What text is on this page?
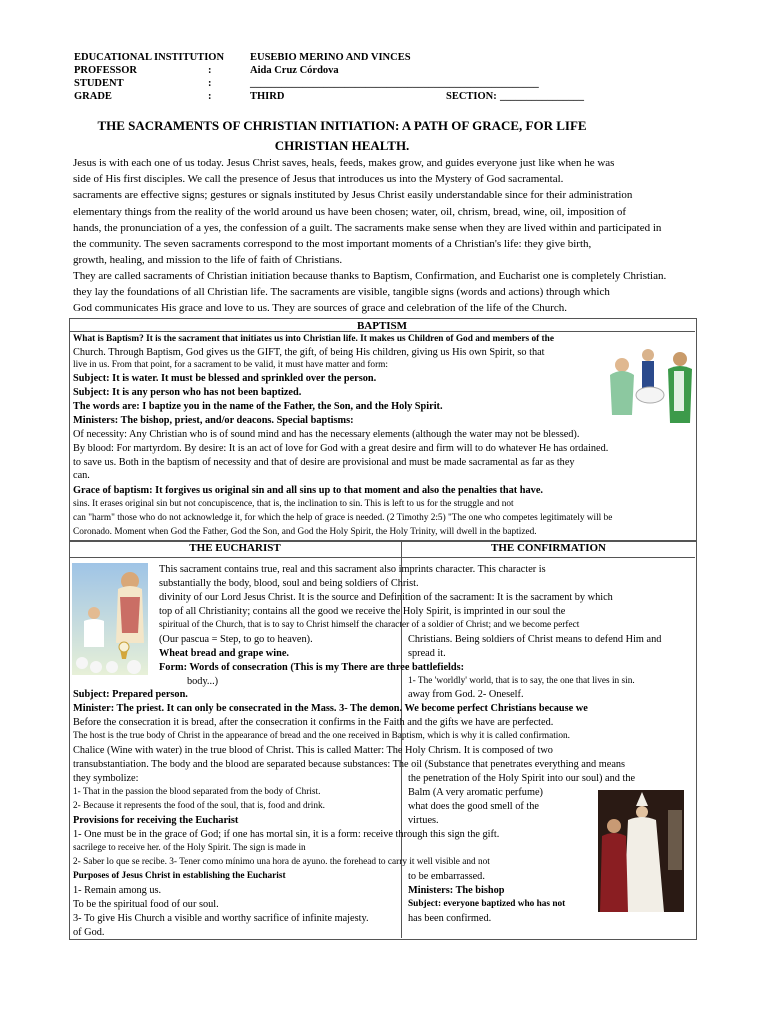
EDUCATIONAL INSTITUTION EUSEBIO MERINO AND VINCES
PROFESSOR	:	Aida Cruz Córdova
STUDENT	:	_______________________________________________________
GRADE	:	THIRD	SECTION: ________________
THE SACRAMENTS OF CHRISTIAN INITIATION: A PATH OF GRACE, FOR LIFE
CHRISTIAN HEALTH.
Jesus is with each one of us today. Jesus Christ saves, heals, feeds, makes grow, and guides everyone just like when he was
side of His first disciples. We call the presence of Jesus that introduces us into the Mystery of God sacramental.
sacraments are effective signs; gestures or signals instituted by Jesus Christ easily understandable since for their administration
elementary things from the reality of the world around us have been chosen; water, oil, chrism, bread, wine, oil, imposition of
hands, the pronunciation of a yes, the confession of a guilt. The sacraments make sense when they are lived within and participated in
the community. The seven sacraments correspond to the most important moments of a Christian's life: they give birth,
growth, healing, and mission to the life of faith of Christians.
They are called sacraments of Christian initiation because thanks to Baptism, Confirmation, and Eucharist one is completely Christian.
they lay the foundations of all Christian life. The sacraments are visible, tangible signs (words and actions) through which
God communicates His grace and love to us. They are sources of grace and celebration of the life of the Church.
BAPTISM
What is Baptism? It is the sacrament that initiates us into Christian life. It makes us Children of God and members of the
Church. Through Baptism, God gives us the GIFT, the gift, of being His children, giving us His own Spirit, so that
live in us. From that point, for a sacrament to be valid, it must have matter and form:
Subject: It is water. It must be blessed and sprinkled over the person.
Subject: It is any person who has not been baptized.
The words are: I baptize you in the name of the Father, the Son, and the Holy Spirit.
Ministers: The bishop, priest, and/or deacons. Special baptisms:
Of necessity: Any Christian who is of sound mind and has the necessary elements (although the water may not be blessed).
By blood: For martyrdom. By desire: It is an act of love for God with a great desire and firm will to do whatever He has ordained.
to save us. Both in the baptism of necessity and that of desire are provisional and must be made sacramental as far as they
can.
Grace of baptism: It forgives us original sin and all sins up to that moment and also the penalties that have.
sins. It erases original sin but not concupiscence, that is, the inclination to sin. This is left to us for the struggle and not
can "harm" those who do not acknowledge it, for which the help of grace is needed. (2 Timothy 2:5) "The one who competes legitimately will be
Coronado. Moment when God the Father, God the Son, and God the Holy Spirit, the Holy Trinity, will dwell in the baptized.
THE EUCHARIST	THE CONFIRMATION
This sacrament contains true, real and this sacrament also imprints character. This character is
substantially the body, blood, soul and being soldiers of Christ.
divinity of our Lord Jesus Christ. It is the source and Definition of the sacrament: It is the sacrament by which
top of all Christianity; contains all the good we receive the Holy Spirit, is imprinted in our soul the
spiritual of the Church, that is to say to Christ himself the character of a soldier of Christ; and we become perfect
(Our pascua = Step, to go to heaven).
Wheat bread and grape wine.
Form: Words of consecration (This is my There are three battlefields:
body...)
Subject: Prepared person.
Minister: The priest. It can only be consecrated in the Mass. 3- The demon. We become perfect Christians because we
Before the consecration it is bread, after the consecration it confirms in the Faith and the gifts we have are perfected.
The host is the true body of Christ in the appearance of bread and the one received in Baptism, which is why it is called confirmation.
Chalice (Wine with water) in the true blood of Christ. This is called Matter: The Holy Chrism. It is composed of two
transubstantiation. The body and the blood are separated because substances: The oil (Substance that penetrates everything and means
they symbolize:
1- That in the passion the blood separated from the body of Christ.
2- Because it represents the food of the soul, that is, food and drink.
Provisions for receiving the Eucharist
1- One must be in the grace of God; if one has mortal sin, it is a form: receive through this sign the gift.
sacrilege to receive her. of the Holy Spirit. The sign is made in
2- Saber lo que se recibe. 3- Tener como mínimo una hora de ayuno. the forehead to carry it well visible and not
Purposes of Jesus Christ in establishing the Eucharist
1- Remain among us.
To be the spiritual food of our soul.
3- To give His Church a visible and worthy sacrifice of infinite majesty.
of God.
Christians. Being soldiers of Christ means to defend Him and
spread it.
1- The 'worldly' world, that is to say, the one that lives in sin.
away from God. 2- Oneself.
the penetration of the Holy Spirit into our soul) and the
Balm (A very aromatic perfume)
what does the good smell of the
virtues.
to be embarrassed.
Ministers: The bishop
Subject: everyone baptized who has not
has been confirmed.
